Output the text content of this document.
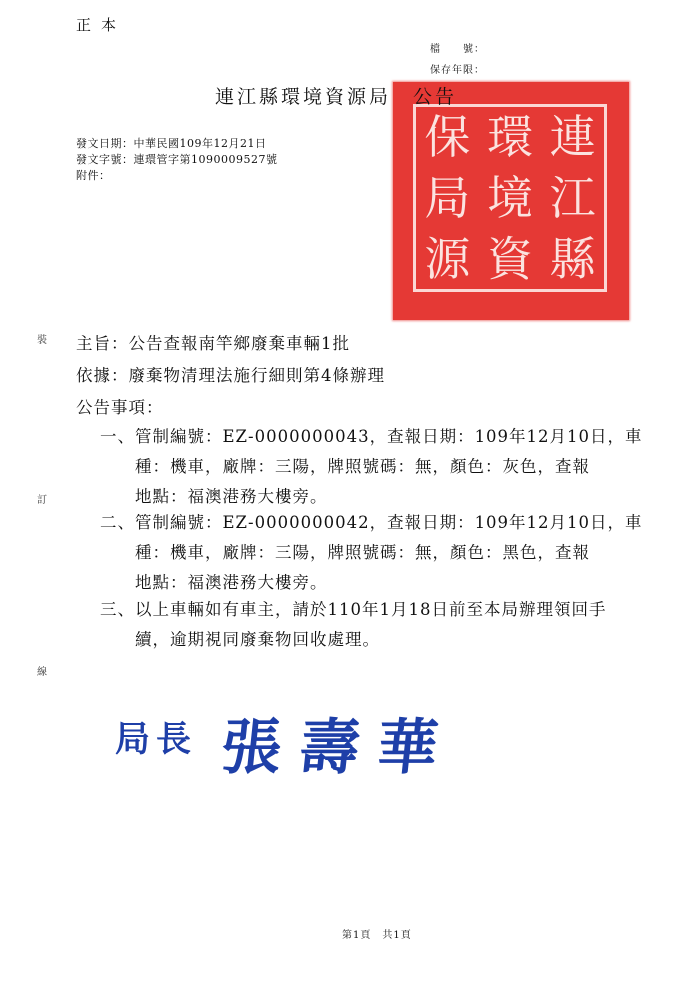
正本
檔　　號：
保存年限：
連
環
保
江
境
局
縣
資
源
連江縣環境資源局 公告
發文日期：中華民國109年12月21日
發文字號：連環管字第1090009527號
附件：
裝
訂
線
主旨：公告查報南竿鄉廢棄車輛1批
依據：廢棄物清理法施行細則第4條辦理
公告事項：
一、管制編號：EZ-0000000043，查報日期：109年12月10日，車
種：機車，廠牌：三陽，牌照號碼：無，顏色：灰色，查報
地點：福澳港務大樓旁。
二、管制編號：EZ-0000000042，查報日期：109年12月10日，車
種：機車，廠牌：三陽，牌照號碼：無，顏色：黑色，查報
地點：福澳港務大樓旁。
三、以上車輛如有車主，請於110年1月18日前至本局辦理領回手
續，逾期視同廢棄物回收處理。
局長 張壽華
第1頁　共1頁
